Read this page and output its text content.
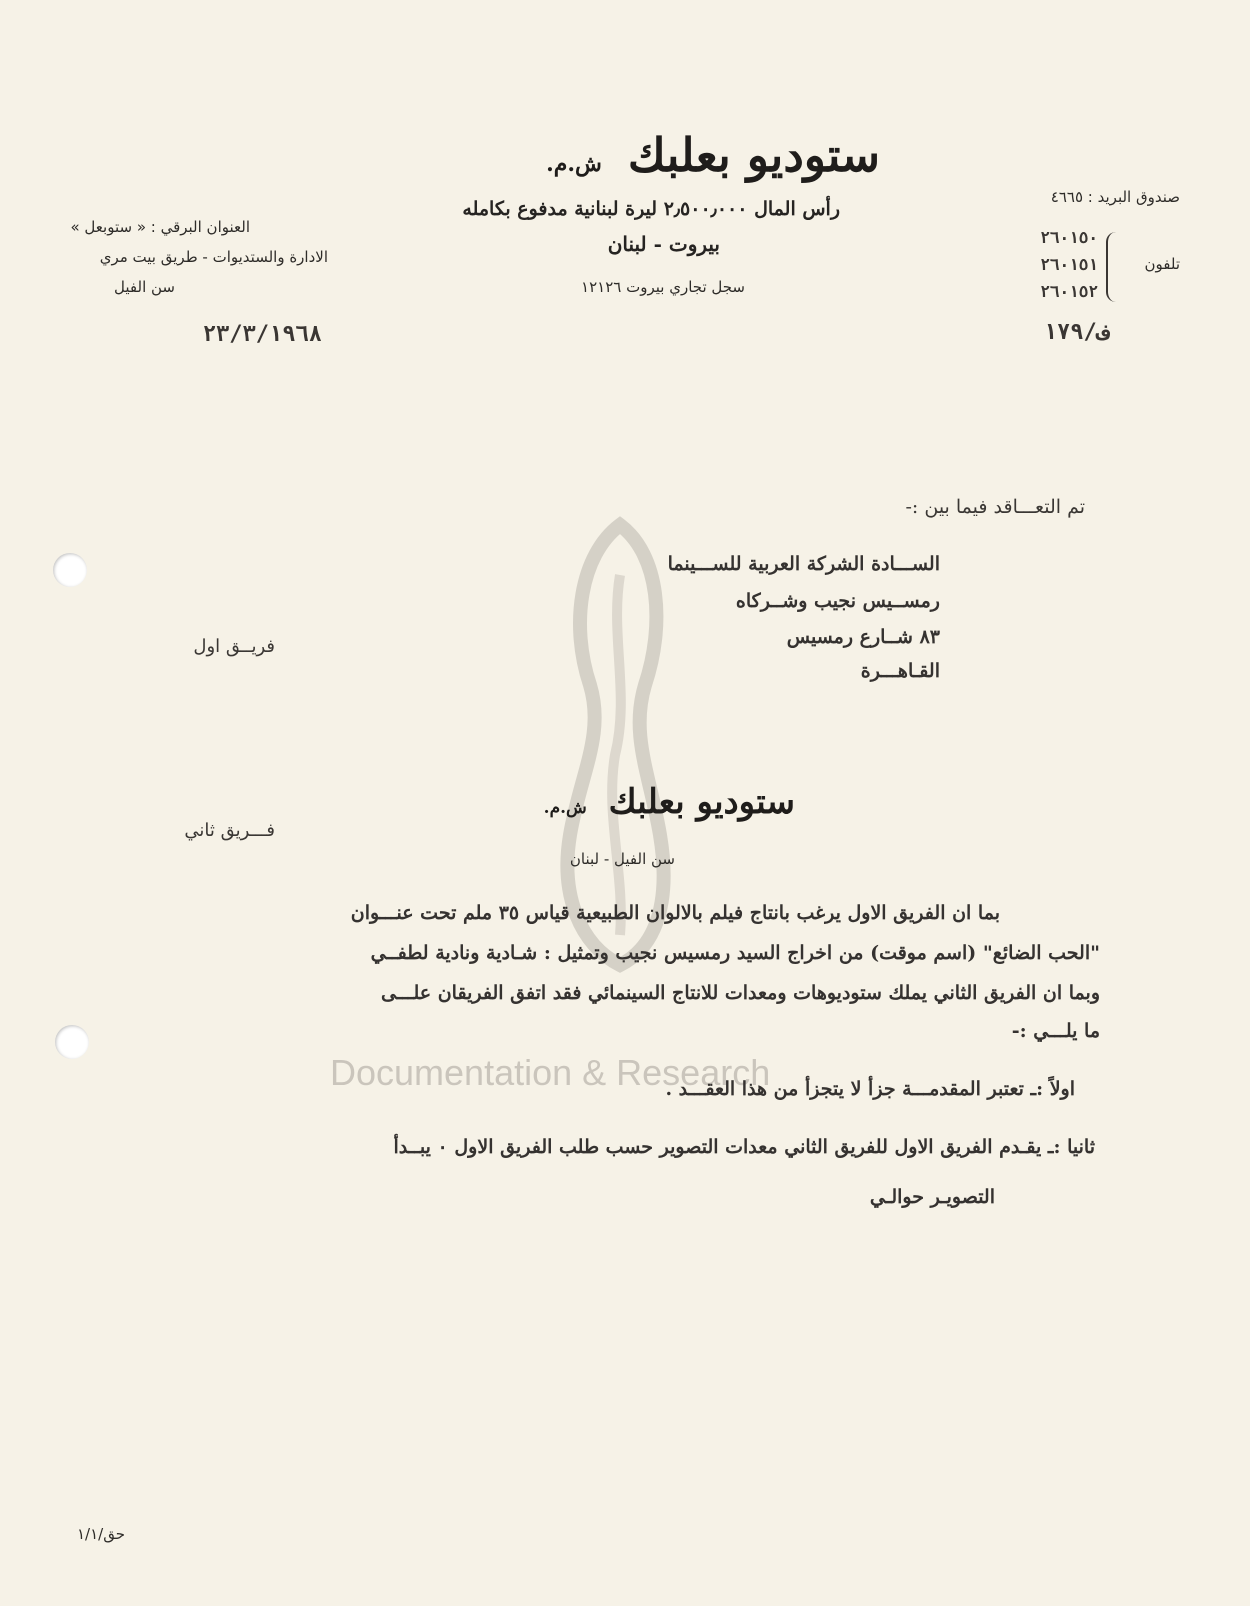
Documentation & Research
ستوديو بعلبك ش.م.
رأس المال ٢٫٥٠٠٫٠٠٠ ليرة لبنانية مدفوع بكامله
بيروت - لبنان
سجل تجاري بيروت ١٢١٢٦
العنوان البرقي : « ستوبعل »
الادارة والستديوات - طريق بيت مري
سن الفيل
٢٣/٣/١٩٦٨
صندوق البريد : ٤٦٦٥
تلفون
٢٦٠١٥٠
٢٦٠١٥١
٢٦٠١٥٢
ف/١٧٩
تم التعـــاقد فيما بين :-
الســـادة الشركة العربية للســـينما
رمســيس نجيب وشــركاه
٨٣ شــارع رمسيس
القـاهـــرة
فريــق اول
ستوديو بعلبك ش.م.
سن الفيل - لبنان
فـــريق ثاني
بما ان الفريق الاول يرغب بانتاج فيلم بالالوان الطبيعية قياس ٣٥ ملم تحت عنـــوان
"الحب الضائع" (اسم موقت) من اخراج السيد رمسيس نجيب وتمثيل : شـادية ونادية لطفــي
وبما ان الفريق الثاني يملك ستوديوهات ومعدات للانتاج السينمائي فقد اتفق الفريقان علـــى
ما يلـــي :-
اولاً :ـ تعتبر المقدمـــة جزأ لا يتجزأ من هذا العقـــد .
ثانيا :ـ يقـدم الفريق الاول للفريق الثاني معدات التصوير حسب طلب الفريق الاول ٠ يبــدأ
التصويـر حوالـي
حق/١/١
